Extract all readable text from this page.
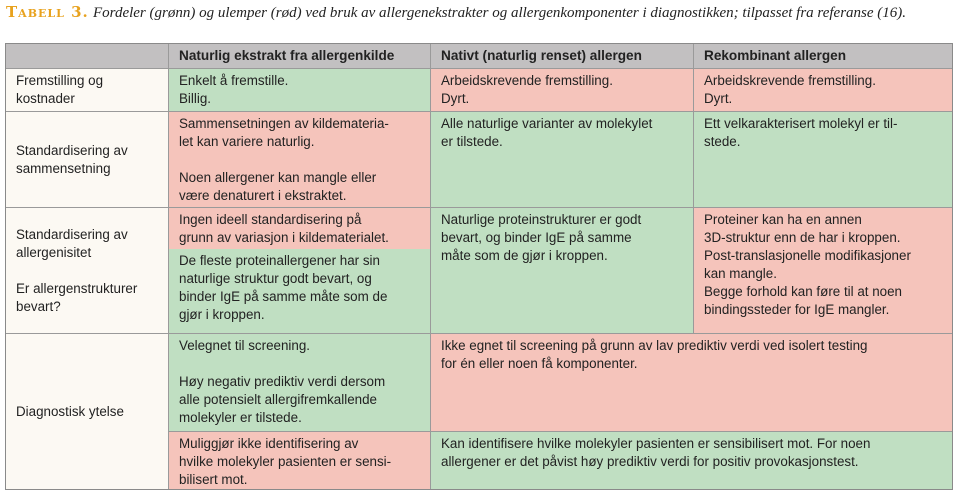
Tabell 3. Fordeler (grønn) og ulemper (rød) ved bruk av allergenekstrakter og allergenkomponenter i diagnostikken; tilpasset fra referanse (16).
Naturlig ekstrakt fra allergenkilde	Nativt (naturlig renset) allergen	Rekombinant allergen
Fremstilling og
kostnader
Enkelt å fremstille.
Billig.
Arbeidskrevende fremstilling.
Dyrt.
Arbeidskrevende fremstilling.
Dyrt.
Standardisering av
sammensetning
Sammensetningen av kildemateria-
let kan variere naturlig.
Noen allergener kan mangle eller
være denaturert i ekstraktet.
Alle naturlige varianter av molekylet
er tilstede.
Ett velkarakterisert molekyl er til-
stede.
Standardisering av
allergenisitet
Er allergenstrukturer
bevart?
Ingen ideell standardisering på
grunn av variasjon i kildematerialet.
De fleste proteinallergener har sin
naturlige struktur godt bevart, og
binder IgE på samme måte som de
gjør i kroppen.
Naturlige proteinstrukturer er godt
bevart, og binder IgE på samme
måte som de gjør i kroppen.
Proteiner kan ha en annen
3D-struktur enn de har i kroppen.
Post-translasjonelle modifikasjoner
kan mangle.
Begge forhold kan føre til at noen
bindingssteder for IgE mangler.
Diagnostisk ytelse
Velegnet til screening.
Høy negativ prediktiv verdi dersom
alle potensielt allergifremkallende
molekyler er tilstede.
Muliggjør ikke identifisering av
hvilke molekyler pasienten er sensi-
bilisert mot.
Ikke egnet til screening på grunn av lav prediktiv verdi ved isolert testing
for én eller noen få komponenter.
Kan identifisere hvilke molekyler pasienten er sensibilisert mot. For noen
allergener er det påvist høy prediktiv verdi for positiv provokasjonstest.
